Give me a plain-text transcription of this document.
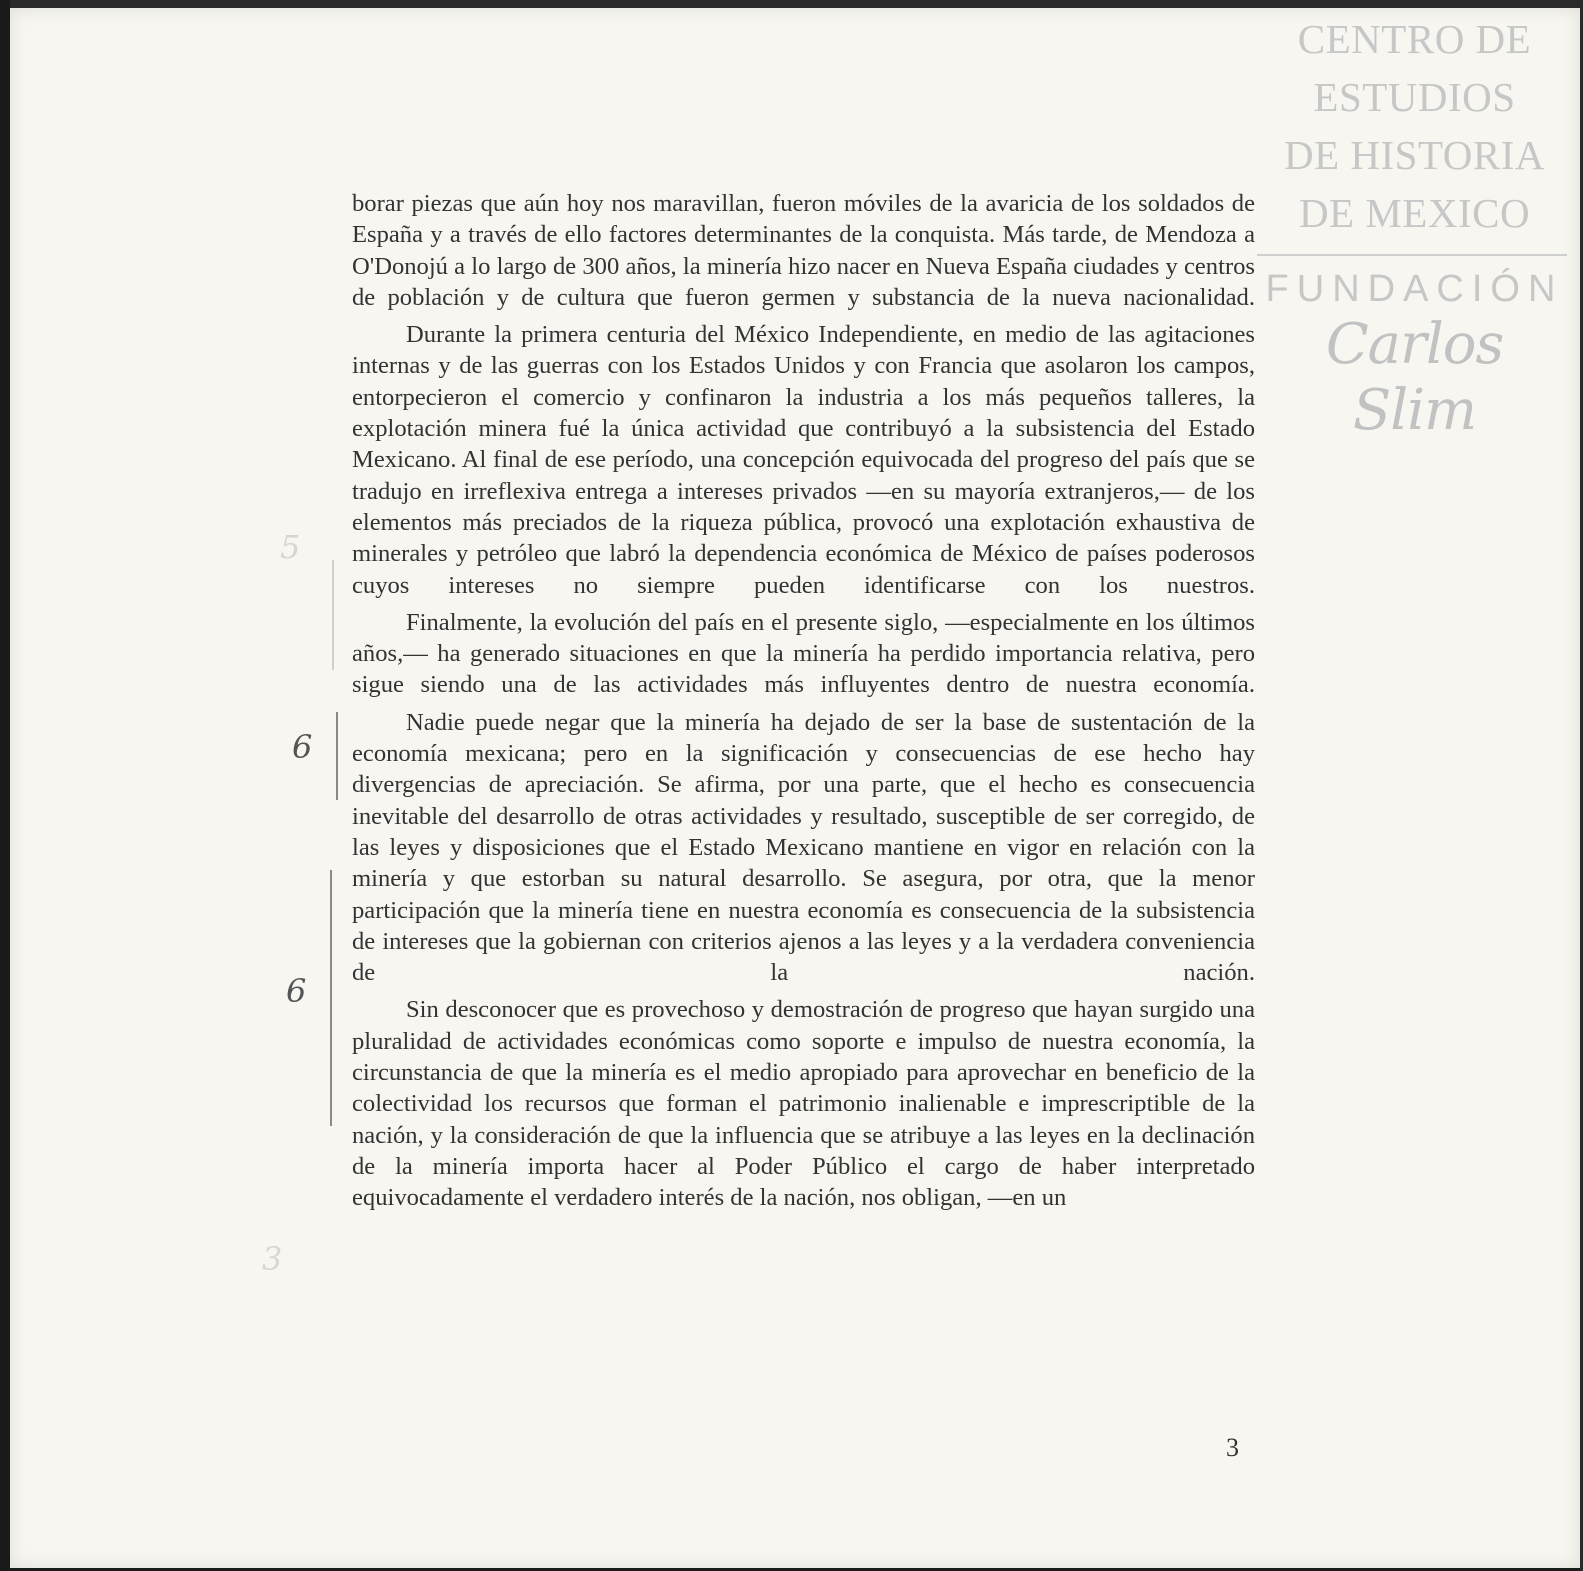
CENTRO DE
ESTUDIOS
DE HISTORIA
DE MEXICO
FUNDACIÓN
Carlos Slim

borar piezas que aún hoy nos maravillan, fueron móviles de la avaricia de los soldados de España y a través de ello factores determinantes de la conquista. Más tarde, de Mendoza a O'Donojú a lo largo de 300 años, la minería hizo nacer en Nueva España ciudades y centros de población y de cultura que fueron germen y substancia de la nueva nacionalidad.

Durante la primera centuria del México Independiente, en medio de las agitaciones internas y de las guerras con los Estados Unidos y con Francia que asolaron los campos, entorpecieron el comercio y confinaron la industria a los más pequeños talleres, la explotación minera fué la única actividad que contribuyó a la subsistencia del Estado Mexicano. Al final de ese período, una concepción equivocada del progreso del país que se tradujo en irreflexiva entrega a intereses privados —en su mayoría extranjeros,— de los elementos más preciados de la riqueza pública, provocó una explotación exhaustiva de minerales y petróleo que labró la dependencia económica de México de países poderosos cuyos intereses no siempre pueden identificarse con los nuestros.

Finalmente, la evolución del país en el presente siglo, —especialmente en los últimos años,— ha generado situaciones en que la minería ha perdido importancia relativa, pero sigue siendo una de las actividades más influyentes dentro de nuestra economía.

Nadie puede negar que la minería ha dejado de ser la base de sustentación de la economía mexicana; pero en la significación y consecuencias de ese hecho hay divergencias de apreciación. Se afirma, por una parte, que el hecho es consecuencia inevitable del desarrollo de otras actividades y resultado, susceptible de ser corregido, de las leyes y disposiciones que el Estado Mexicano mantiene en vigor en relación con la minería y que estorban su natural desarrollo. Se asegura, por otra, que la menor participación que la minería tiene en nuestra economía es consecuencia de la subsistencia de intereses que la gobiernan con criterios ajenos a las leyes y a la verdadera conveniencia de la nación.

Sin desconocer que es provechoso y demostración de progreso que hayan surgido una pluralidad de actividades económicas como soporte e impulso de nuestra economía, la circunstancia de que la minería es el medio apropiado para aprovechar en beneficio de la colectividad los recursos que forman el patrimonio inalienable e imprescriptible de la nación, y la consideración de que la influencia que se atribuye a las leyes en la declinación de la minería importa hacer al Poder Público el cargo de haber interpretado equivocadamente el verdadero interés de la nación, nos obligan, —en un

5
6
6
3
3
